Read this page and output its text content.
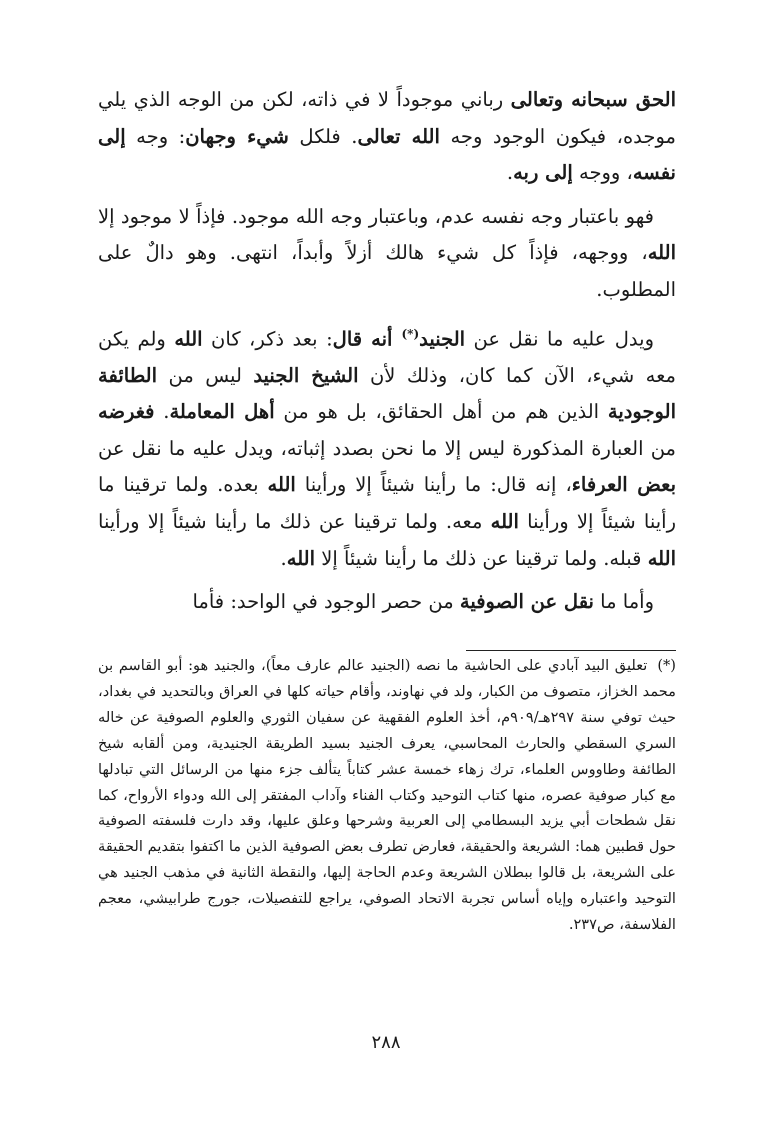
الحق سبحانه وتعالى رباني موجوداً لا في ذاته، لكن من الوجه الذي يلي موجده، فيكون الوجود وجه الله تعالى. فلكل شيء وجهان: وجه إلى نفسه، ووجه إلى ربه.

فهو باعتبار وجه نفسه عدم، وباعتبار وجه الله موجود. فإذاً لا موجود إلا الله، ووجهه، فإذاً كل شيء هالك أزلاً وأبداً، انتهى. وهو دالٌ على المطلوب.

ويدل عليه ما نقل عن الجنيد(*) أنه قال: بعد ذكر، كان الله ولم يكن معه شيء، الآن كما كان، وذلك لأن الشيخ الجنيد ليس من الطائفة الوجودية الذين هم من أهل الحقائق، بل هو من أهل المعاملة. فغرضه من العبارة المذكورة ليس إلا ما نحن بصدد إثباته، ويدل عليه ما نقل عن بعض العرفاء، إنه قال: ما رأينا شيئاً إلا ورأينا الله بعده. ولما ترقينا ما رأينا شيئاً إلا ورأينا الله معه. ولما ترقينا عن ذلك ما رأينا شيئاً إلا ورأينا الله قبله. ولما ترقينا عن ذلك ما رأينا شيئاً إلا الله.

وأما ما نقل عن الصوفية من حصر الوجود في الواحد: فأما

(*)تعليق البيد آبادي على الحاشية ما نصه (الجنيد عالم عارف معاً)، والجنيد هو: أبو القاسم بن محمد الخزاز، متصوف من الكبار، ولد في نهاوند، وأقام حياته كلها في العراق وبالتحديد في بغداد، حيث توفي سنة ٢٩٧هـ/٩٠٩م، أخذ العلوم الفقهية عن سفيان الثوري والعلوم الصوفية عن خاله السري السقطي والحارث المحاسبي، يعرف الجنيد بسيد الطريقة الجنيدية، ومن ألقابه شيخ الطائفة وطاووس العلماء، ترك زهاء خمسة عشر كتاباً يتألف جزء منها من الرسائل التي تبادلها مع كبار صوفية عصره، منها كتاب التوحيد وكتاب الفناء وآداب المفتقر إلى الله ودواء الأرواح، كما نقل شطحات أبي يزيد البسطامي إلى العربية وشرحها وعلق عليها، وقد دارت فلسفته الصوفية حول قطبين هما: الشريعة والحقيقة، فعارض تطرف بعض الصوفية الذين ما اكتفوا بتقديم الحقيقة على الشريعة، بل قالوا ببطلان الشريعة وعدم الحاجة إليها، والنقطة الثانية في مذهب الجنيد هي التوحيد واعتباره وإياه أساس تجربة الاتحاد الصوفي، يراجع للتفصيلات، جورج طرابيشي، معجم الفلاسفة، ص٢٣٧.
٢٨٨
